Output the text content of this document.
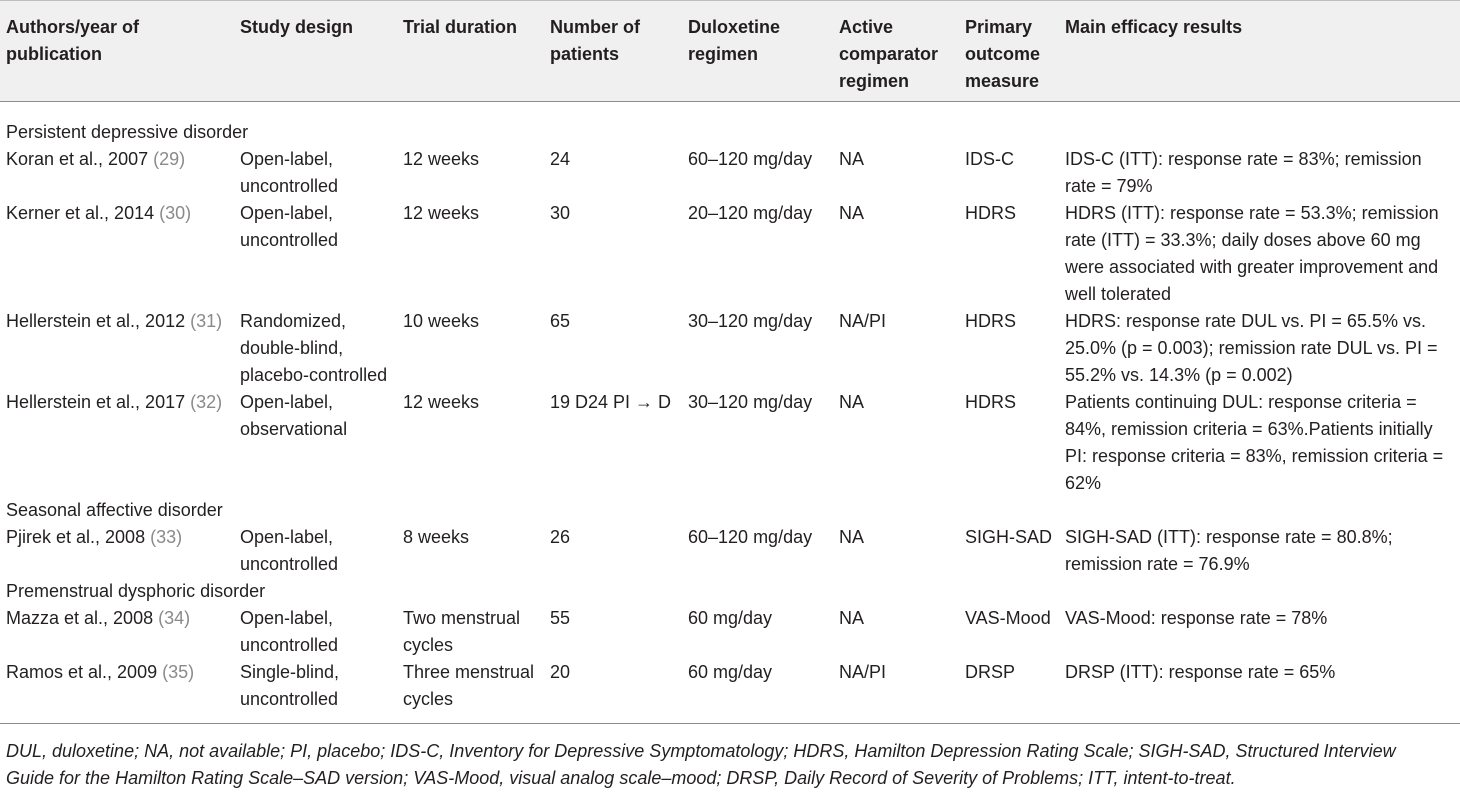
Authors/year of publication	Study design	Trial duration	Number of patients	Duloxetine regimen	Active comparator regimen	Primary outcome measure	Main efficacy results
Persistent depressive disorder							
Koran et al., 2007 (29)	Open-label, uncontrolled	12 weeks	24	60–120 mg/day	NA	IDS-C	IDS-C (ITT): response rate = 83%; remission rate = 79%
Kerner et al., 2014 (30)	Open-label, uncontrolled	12 weeks	30	20–120 mg/day	NA	HDRS	HDRS (ITT): response rate = 53.3%; remission rate (ITT) = 33.3%; daily doses above 60 mg were associated with greater improvement and well tolerated
Hellerstein et al., 2012 (31)	Randomized, double-blind, placebo-controlled	10 weeks	65	30–120 mg/day	NA/PI	HDRS	HDRS: response rate DUL vs. PI = 65.5% vs. 25.0% (p = 0.003); remission rate DUL vs. PI = 55.2% vs. 14.3% (p = 0.002)
Hellerstein et al., 2017 (32)	Open-label, observational	12 weeks	19 D24 PI → D	30–120 mg/day	NA	HDRS	Patients continuing DUL: response criteria = 84%, remission criteria = 63%.Patients initially PI: response criteria = 83%, remission criteria = 62%
Seasonal affective disorder							
Pjirek et al., 2008 (33)	Open-label, uncontrolled	8 weeks	26	60–120 mg/day	NA	SIGH-SAD	SIGH-SAD (ITT): response rate = 80.8%; remission rate = 76.9%
Premenstrual dysphoric disorder							
Mazza et al., 2008 (34)	Open-label, uncontrolled	Two menstrual cycles	55	60 mg/day	NA	VAS-Mood	VAS-Mood: response rate = 78%
Ramos et al., 2009 (35)	Single-blind, uncontrolled	Three menstrual cycles	20	60 mg/day	NA/PI	DRSP	DRSP (ITT): response rate = 65%
DUL, duloxetine; NA, not available; PI, placebo; IDS-C, Inventory for Depressive Symptomatology; HDRS, Hamilton Depression Rating Scale; SIGH-SAD, Structured Interview Guide for the Hamilton Rating Scale–SAD version; VAS-Mood, visual analog scale–mood; DRSP, Daily Record of Severity of Problems; ITT, intent-to-treat.
